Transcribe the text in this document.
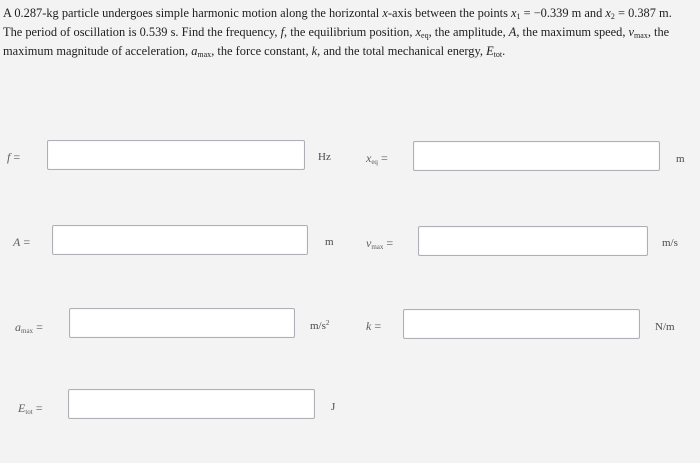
A 0.287-kg particle undergoes simple harmonic motion along the horizontal x-axis between the points $x_1 = -0.339$ m and $x_2 = 0.387$ m. The period of oscillation is 0.539 s. Find the frequency, f, the equilibrium position, $x_{eq}$, the amplitude, A, the maximum speed, $v_{max}$, the maximum magnitude of acceleration, $a_{max}$, the force constant, k, and the total mechanical energy, $E_{tot}$.
f =	Hz	$x_{eq}$ =	m
A =	m	$v_{max}$ =	m/s
$a_{max}$ =	$m/s^2$	k =	N/m
$E_{tot}$ =	J
